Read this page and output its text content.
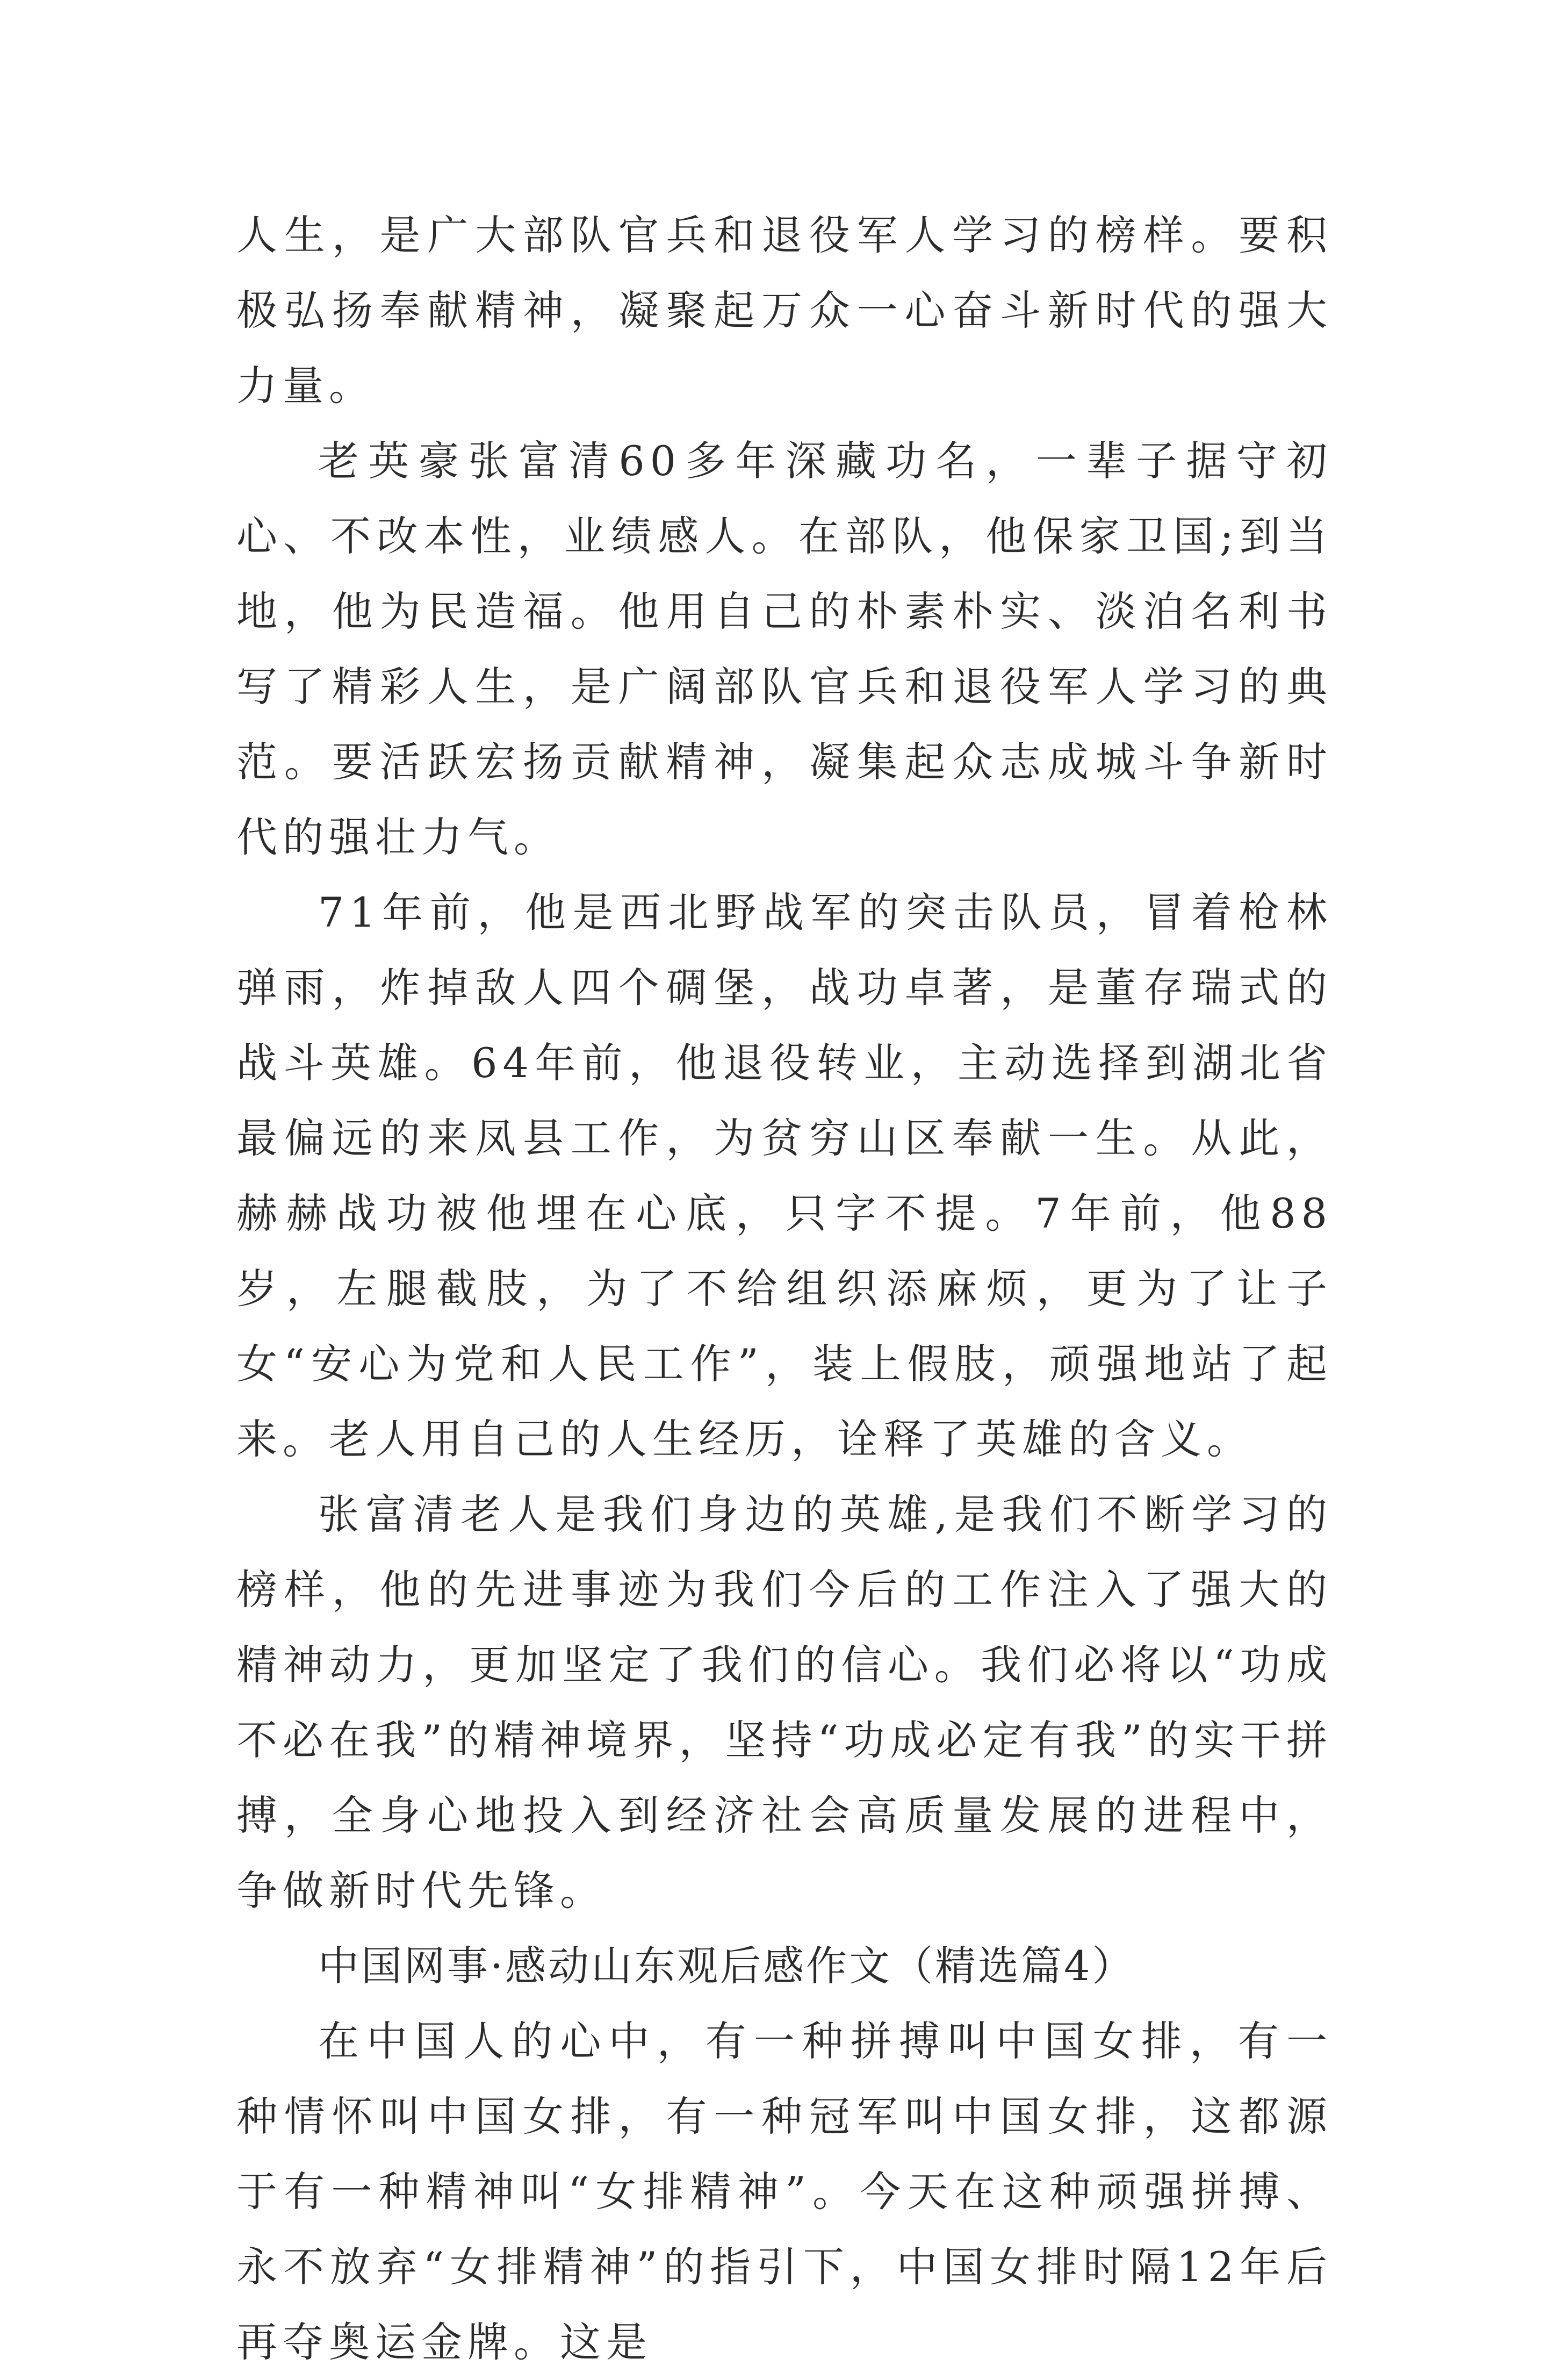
人生，是广大部队官兵和退役军人学习的榜样。要积极弘扬奉献精神，凝聚起万众一心奋斗新时代的强大力量。

老英豪张富清60多年深藏功名，一辈子据守初心、不改本性，业绩感人。在部队，他保家卫国;到当地，他为民造福。他用自己的朴素朴实、淡泊名利书写了精彩人生，是广阔部队官兵和退役军人学习的典范。要活跃宏扬贡献精神，凝集起众志成城斗争新时代的强壮力气。

71年前，他是西北野战军的突击队员，冒着枪林弹雨，炸掉敌人四个碉堡，战功卓著，是董存瑞式的战斗英雄。64年前，他退役转业，主动选择到湖北省最偏远的来凤县工作，为贫穷山区奉献一生。从此，赫赫战功被他埋在心底，只字不提。7年前，他88岁，左腿截肢，为了不给组织添麻烦，更为了让子女“安心为党和人民工作”，装上假肢，顽强地站了起来。老人用自己的人生经历，诠释了英雄的含义。

张富清老人是我们身边的英雄,是我们不断学习的榜样，他的先进事迹为我们今后的工作注入了强大的精神动力，更加坚定了我们的信心。我们必将以“功成不必在我”的精神境界，坚持“功成必定有我”的实干拼搏，全身心地投入到经济社会高质量发展的进程中，争做新时代先锋。

中国网事·感动山东观后感作文（精选篇4）

在中国人的心中，有一种拼搏叫中国女排，有一种情怀叫中国女排，有一种冠军叫中国女排，这都源于有一种精神叫“女排精神”。今天在这种顽强拼搏、永不放弃“女排精神”的指引下，中国女排时隔12年后再夺奥运金牌。这是
